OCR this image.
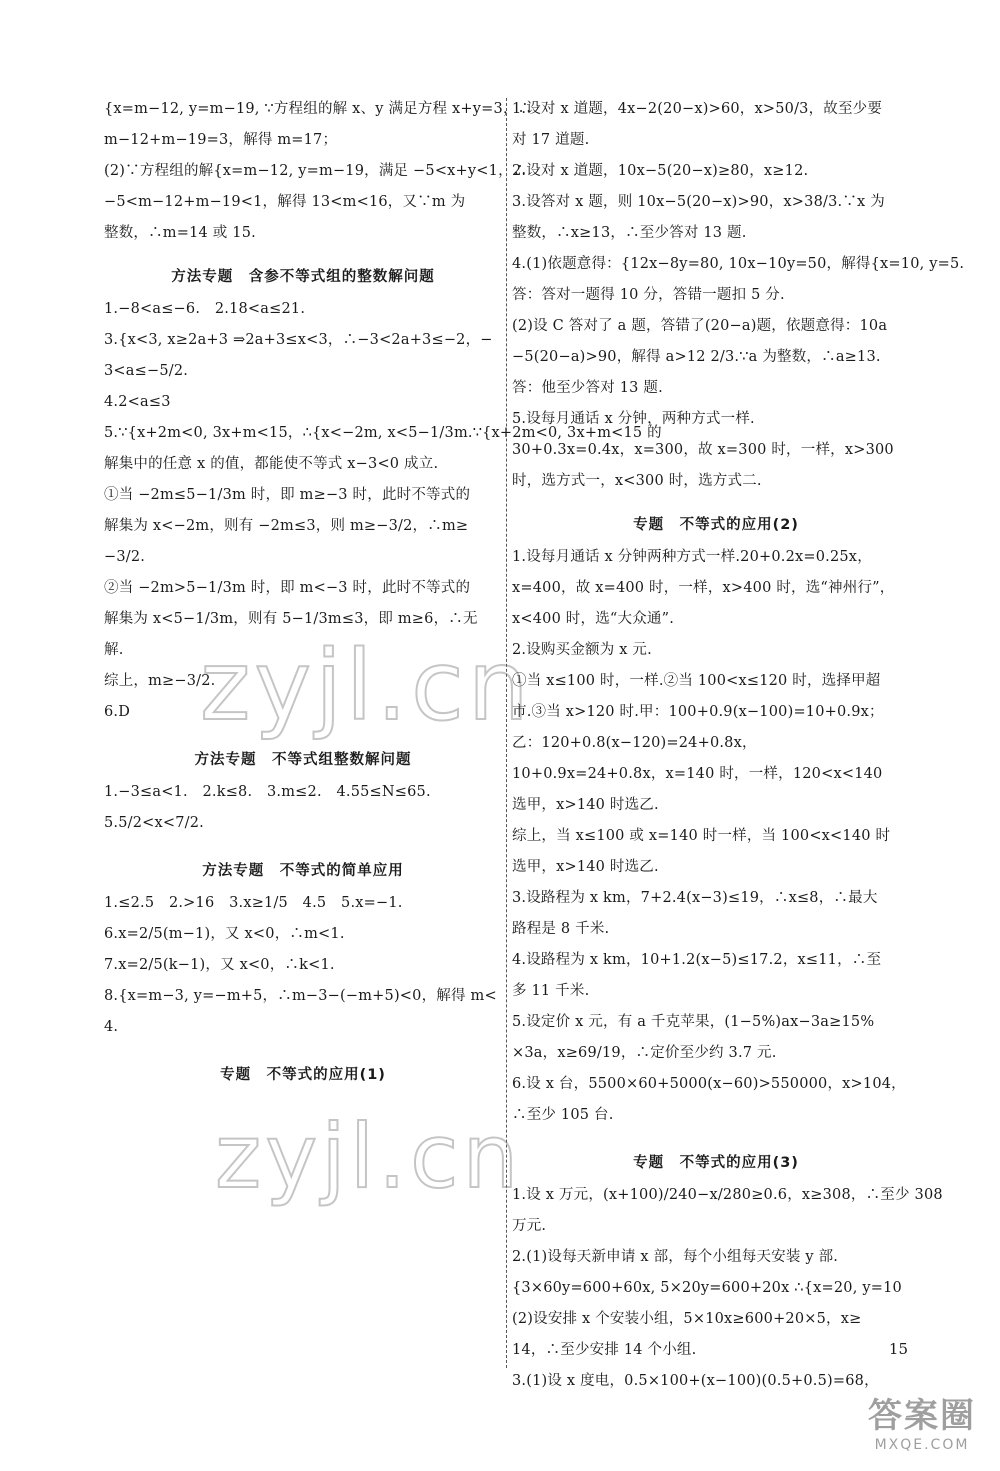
{x=m−12, y=m−19, ∵方程组的解 x、y 满足方程 x+y=3，∴

m−12+m−19=3，解得 m=17；

(2)∵方程组的解{x=m−12, y=m−19，满足 −5<x+y<1，∴

−5<m−12+m−19<1，解得 13<m<16，又∵m 为

整数，∴m=14 或 15.

方法专题　含参不等式组的整数解问题

1.−8<a≤−6.　2.18<a≤21.

3.{x<3, x≥2a+3 ⇒2a+3≤x<3，∴−3<2a+3≤−2，−

3<a≤−5/2.

4.2<a≤3

5.∵{x+2m<0, 3x+m<15，∴{x<−2m, x<5−1/3m.∵{x+2m<0, 3x+m<15 的

解集中的任意 x 的值，都能使不等式 x−3<0 成立.

①当 −2m≤5−1/3m 时，即 m≥−3 时，此时不等式的

解集为 x<−2m，则有 −2m≤3，则 m≥−3/2，∴m≥

−3/2.

②当 −2m>5−1/3m 时，即 m<−3 时，此时不等式的

解集为 x<5−1/3m，则有 5−1/3m≤3，即 m≥6，∴无

解.

综上，m≥−3/2.

6.D

方法专题　不等式组整数解问题

1.−3≤a<1.　2.k≤8.　3.m≤2.　4.55≤N≤65.

5.5/2<x<7/2.

方法专题　不等式的简单应用

1.≤2.5　2.>16　3.x≥1/5　4.5　5.x=−1.

6.x=2/5(m−1)，又 x<0，∴m<1.

7.x=2/5(k−1)，又 x<0，∴k<1.

8.{x=m−3, y=−m+5，∴m−3−(−m+5)<0，解得 m<

4.

专题　不等式的应用(1)

1.设对 x 道题，4x−2(20−x)>60，x>50/3，故至少要

对 17 道题.

2.设对 x 道题，10x−5(20−x)≥80，x≥12.

3.设答对 x 题，则 10x−5(20−x)>90，x>38/3.∵x 为

整数，∴x≥13，∴至少答对 13 题.

4.(1)依题意得：{12x−8y=80, 10x−10y=50，解得{x=10, y=5.

答：答对一题得 10 分，答错一题扣 5 分.

(2)设 C 答对了 a 题，答错了(20−a)题，依题意得：10a

−5(20−a)>90，解得 a>12 2/3.∵a 为整数，∴a≥13.

答：他至少答对 13 题.

5.设每月通话 x 分钟，两种方式一样.

30+0.3x=0.4x，x=300，故 x=300 时，一样，x>300

时，选方式一，x<300 时，选方式二.

专题　不等式的应用(2)

1.设每月通话 x 分钟两种方式一样.20+0.2x=0.25x，

x=400，故 x=400 时，一样，x>400 时，选“神州行”，

x<400 时，选“大众通”.

2.设购买金额为 x 元.

①当 x≤100 时，一样.②当 100<x≤120 时，选择甲超

市.③当 x>120 时.甲：100+0.9(x−100)=10+0.9x；

乙：120+0.8(x−120)=24+0.8x，

10+0.9x=24+0.8x，x=140 时，一样，120<x<140

选甲，x>140 时选乙.

综上，当 x≤100 或 x=140 时一样，当 100<x<140 时

选甲，x>140 时选乙.

3.设路程为 x km，7+2.4(x−3)≤19，∴x≤8，∴最大

路程是 8 千米.

4.设路程为 x km，10+1.2(x−5)≤17.2，x≤11，∴至

多 11 千米.

5.设定价 x 元，有 a 千克苹果，(1−5%)ax−3a≥15%

×3a，x≥69/19，∴定价至少约 3.7 元.

6.设 x 台，5500×60+5000(x−60)>550000，x>104，

∴至少 105 台.

专题　不等式的应用(3)

1.设 x 万元，(x+100)/240−x/280≥0.6，x≥308，∴至少 308

万元.

2.(1)设每天新申请 x 部，每个小组每天安装 y 部.

{3×60y=600+60x, 5×20y=600+20x ∴{x=20, y=10

(2)设安排 x 个安装小组，5×10x≥600+20×5，x≥

14，∴至少安排 14 个小组.

3.(1)设 x 度电，0.5×100+(x−100)(0.5+0.5)=68，

15
zyjl.cn
zyjl.cn
答案圈
MXQE.COM
